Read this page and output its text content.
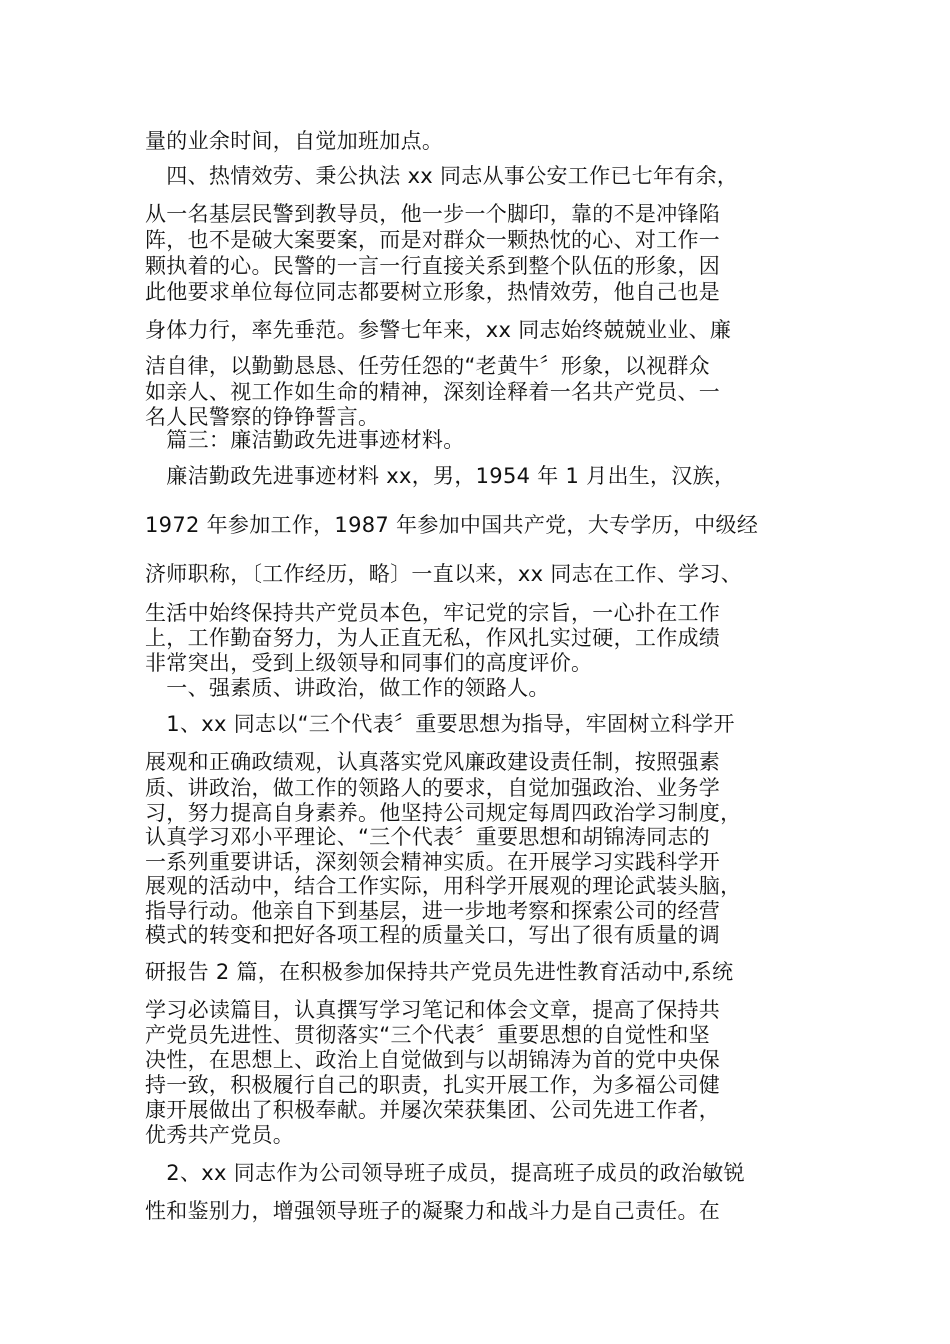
量的业余时间，自觉加班加点。
　四、热情效劳、秉公执法 xx 同志从事公安工作已七年有余，
从一名基层民警到教导员，他一步一个脚印，靠的不是冲锋陷
阵，也不是破大案要案，而是对群众一颗热忱的心、对工作一
颗执着的心。民警的一言一行直接关系到整个队伍的形象，因
此他要求单位每位同志都要树立形象，热情效劳，他自己也是
身体力行，率先垂范。参警七年来，xx 同志始终兢兢业业、廉
洁自律，以勤勤恳恳、任劳任怨的“老黄牛〞形象，以视群众
如亲人、视工作如生命的精神，深刻诠释着一名共产党员、一
名人民警察的铮铮誓言。
　篇三：廉洁勤政先进事迹材料。
　廉洁勤政先进事迹材料 xx，男，1954 年 1 月出生，汉族，
1972 年参加工作，1987 年参加中国共产党，大专学历，中级经
济师职称，〔工作经历，略〕一直以来，xx 同志在工作、学习、
生活中始终保持共产党员本色，牢记党的宗旨，一心扑在工作
上，工作勤奋努力，为人正直无私，作风扎实过硬，工作成绩
非常突出，受到上级领导和同事们的高度评价。
　一、强素质、讲政治，做工作的领路人。
　1、xx 同志以“三个代表〞重要思想为指导，牢固树立科学开
展观和正确政绩观，认真落实党风廉政建设责任制，按照强素
质、讲政治，做工作的领路人的要求，自觉加强政治、业务学
习，努力提高自身素养。他坚持公司规定每周四政治学习制度，
认真学习邓小平理论、“三个代表〞重要思想和胡锦涛同志的
一系列重要讲话，深刻领会精神实质。在开展学习实践科学开
展观的活动中，结合工作实际，用科学开展观的理论武装头脑，
指导行动。他亲自下到基层，进一步地考察和探索公司的经营
模式的转变和把好各项工程的质量关口，写出了很有质量的调
研报告 2 篇，在积极参加保持共产党员先进性教育活动中,系统
学习必读篇目，认真撰写学习笔记和体会文章，提高了保持共
产党员先进性、贯彻落实“三个代表〞重要思想的自觉性和坚
决性，在思想上、政治上自觉做到与以胡锦涛为首的党中央保
持一致，积极履行自己的职责，扎实开展工作，为多福公司健
康开展做出了积极奉献。并屡次荣获集团、公司先进工作者，
优秀共产党员。
　2、xx 同志作为公司领导班子成员，提高班子成员的政治敏锐
性和鉴别力，增强领导班子的凝聚力和战斗力是自己责任。在
